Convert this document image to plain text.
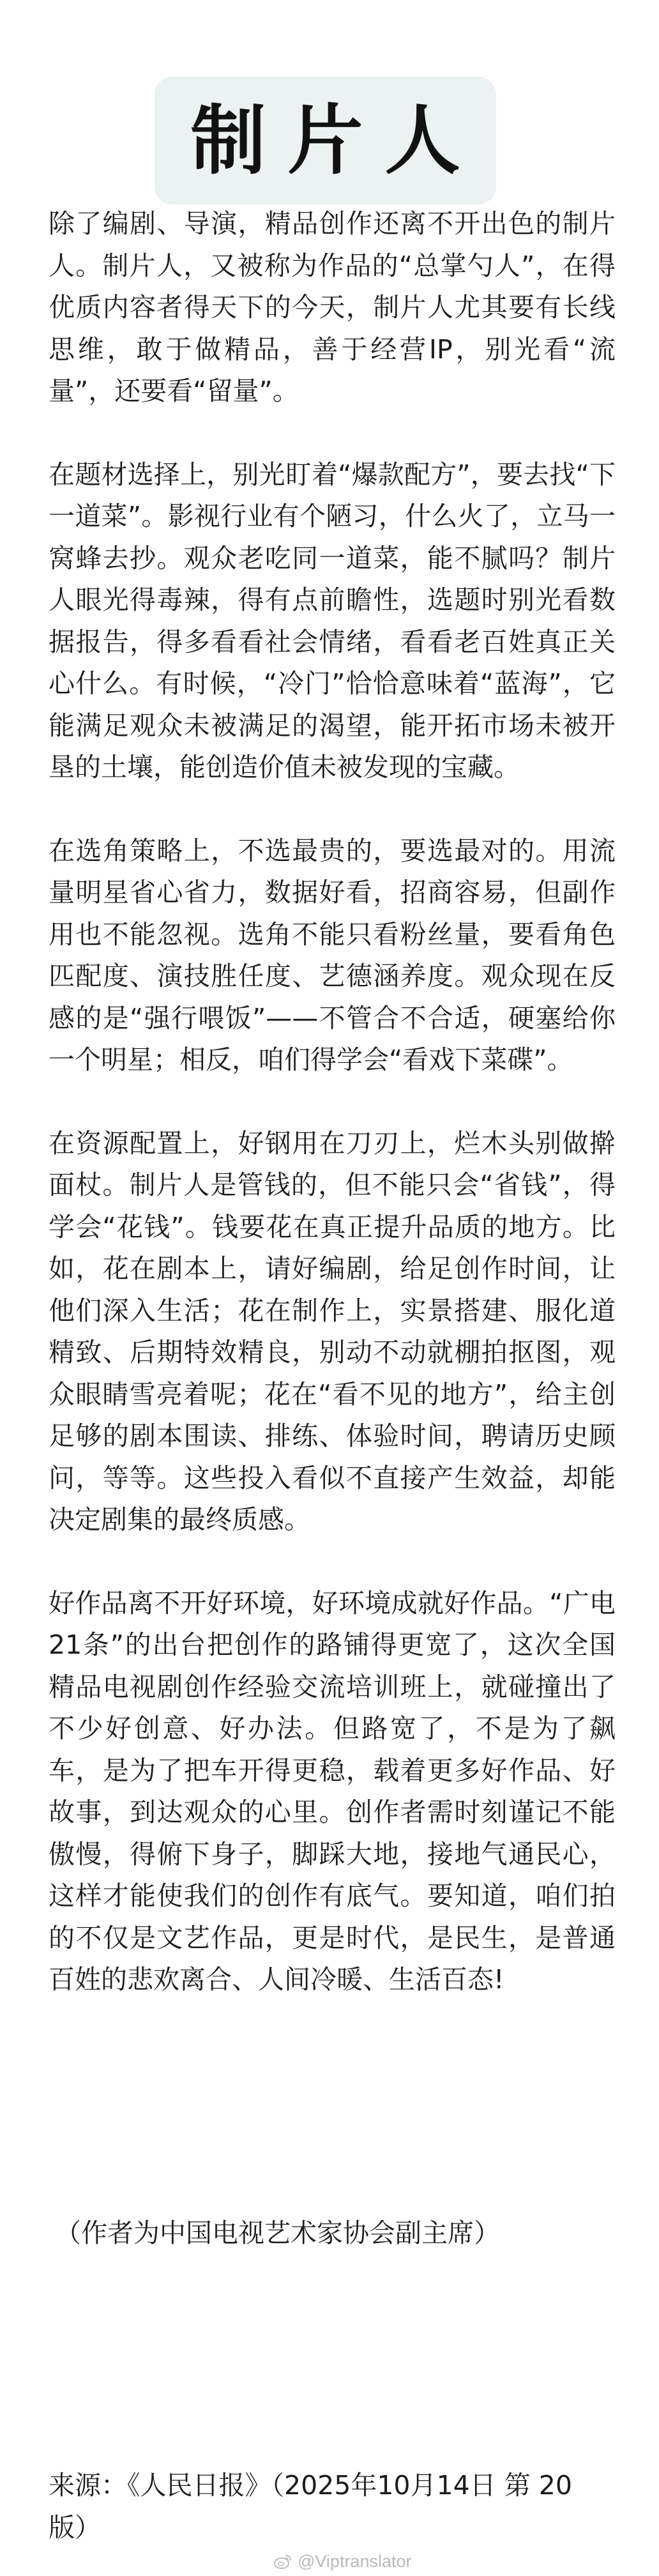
制片人

除了编剧、导演，精品创作还离不开出色的制片人。制片人，又被称为作品的“总掌勺人”，在得优质内容者得天下的今天，制片人尤其要有长线思维，敢于做精品，善于经营IP，别光看“流量”，还要看“留量”。

在题材选择上，别光盯着“爆款配方”，要去找“下一道菜”。影视行业有个陋习，什么火了，立马一窝蜂去抄。观众老吃同一道菜，能不腻吗？制片人眼光得毒辣，得有点前瞻性，选题时别光看数据报告，得多看看社会情绪，看看老百姓真正关心什么。有时候，“冷门”恰恰意味着“蓝海”，它能满足观众未被满足的渴望，能开拓市场未被开垦的土壤，能创造价值未被发现的宝藏。

在选角策略上，不选最贵的，要选最对的。用流量明星省心省力，数据好看，招商容易，但副作用也不能忽视。选角不能只看粉丝量，要看角色匹配度、演技胜任度、艺德涵养度。观众现在反感的是“强行喂饭”——不管合不合适，硬塞给你一个明星；相反，咱们得学会“看戏下菜碟”。

在资源配置上，好钢用在刀刃上，烂木头别做擀面杖。制片人是管钱的，但不能只会“省钱”，得学会“花钱”。钱要花在真正提升品质的地方。比如，花在剧本上，请好编剧，给足创作时间，让他们深入生活；花在制作上，实景搭建、服化道精致、后期特效精良，别动不动就棚拍抠图，观众眼睛雪亮着呢；花在“看不见的地方”，给主创足够的剧本围读、排练、体验时间，聘请历史顾问，等等。这些投入看似不直接产生效益，却能决定剧集的最终质感。

好作品离不开好环境，好环境成就好作品。“广电21条”的出台把创作的路铺得更宽了，这次全国精品电视剧创作经验交流培训班上，就碰撞出了不少好创意、好办法。但路宽了，不是为了飙车，是为了把车开得更稳，载着更多好作品、好故事，到达观众的心里。创作者需时刻谨记不能傲慢，得俯下身子，脚踩大地，接地气通民心，这样才能使我们的创作有底气。要知道，咱们拍的不仅是文艺作品，更是时代，是民生，是普通百姓的悲欢离合、人间冷暖、生活百态!

（作者为中国电视艺术家协会副主席）
来源：《人民日报》（2025年10月14日 第 20版）
@Viptranslator
